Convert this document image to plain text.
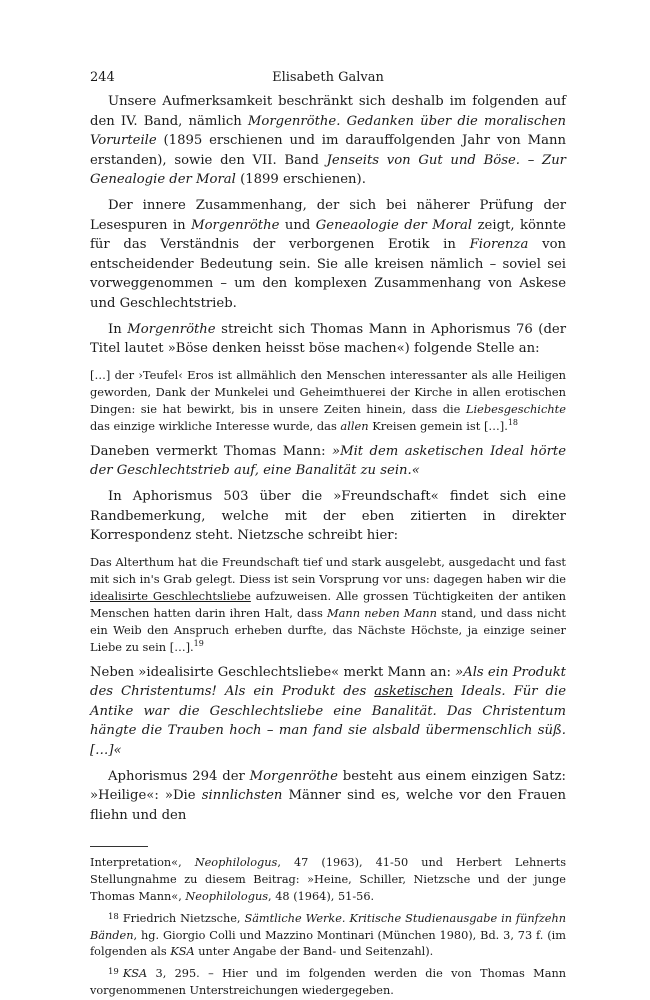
244	Elisabeth Galvan

Unsere Aufmerksamkeit beschränkt sich deshalb im folgenden auf den IV. Band, nämlich Morgenröthe. Gedanken über die moralischen Vorurteile (1895 erschienen und im darauffolgenden Jahr von Mann erstanden), sowie den VII. Band Jenseits von Gut und Böse. – Zur Genealogie der Moral (1899 erschienen).

Der innere Zusammenhang, der sich bei näherer Prüfung der Lesespuren in Morgenröthe und Geneaologie der Moral zeigt, könnte für das Verständnis der verborgenen Erotik in Fiorenza von entscheidender Bedeutung sein. Sie alle kreisen nämlich – soviel sei vorweggenommen – um den komplexen Zusammenhang von Askese und Geschlechtstrieb.

In Morgenröthe streicht sich Thomas Mann in Aphorismus 76 (der Titel lautet »Böse denken heisst böse machen«) folgende Stelle an:

[…] der ›Teufel‹ Eros ist allmählich den Menschen interessanter als alle Heiligen geworden, Dank der Munkelei und Geheimthuerei der Kirche in allen erotischen Dingen: sie hat bewirkt, bis in unsere Zeiten hinein, dass die Liebesgeschichte das einzige wirkliche Interesse wurde, das allen Kreisen gemein ist […].$^{18}$

Daneben vermerkt Thomas Mann: »Mit dem asketischen Ideal hörte der Geschlechtstrieb auf, eine Banalität zu sein.«

In Aphorismus 503 über die »Freundschaft« findet sich eine Randbemerkung, welche mit der eben zitierten in direkter Korrespondenz steht. Nietzsche schreibt hier:

Das Alterthum hat die Freundschaft tief und stark ausgelebt, ausgedacht und fast mit sich in's Grab gelegt. Diess ist sein Vorsprung vor uns: dagegen haben wir die idealisirte Geschlechtsliebe aufzuweisen. Alle grossen Tüchtigkeiten der antiken Menschen hatten darin ihren Halt, dass Mann neben Mann stand, und dass nicht ein Weib den Anspruch erheben durfte, das Nächste Höchste, ja einzige seiner Liebe zu sein […].$^{19}$

Neben »idealisirte Geschlechtsliebe« merkt Mann an: »Als ein Produkt des Christentums! Als ein Produkt des asketischen Ideals. Für die Antike war die Geschlechtsliebe eine Banalität. Das Christentum hängte die Trauben hoch – man fand sie alsbald übermenschlich süß. […]«

Aphorismus 294 der Morgenröthe besteht aus einem einzigen Satz: »Heilige«: »Die sinnlichsten Männer sind es, welche vor den Frauen fliehn und den

Interpretation«, Neophilologus, 47 (1963), 41-50 und Herbert Lehnerts Stellungnahme zu diesem Beitrag: »Heine, Schiller, Nietzsche und der junge Thomas Mann«, Neophilologus, 48 (1964), 51-56.

$^{18}$ Friedrich Nietzsche, Sämtliche Werke. Kritische Studienausgabe in fünfzehn Bänden, hg. Giorgio Colli und Mazzino Montinari (München 1980), Bd. 3, 73 f. (im folgenden als KSA unter Angabe der Band- und Seitenzahl).

$^{19}$ KSA 3, 295. – Hier und im folgenden werden die von Thomas Mann vorgenommenen Unterstreichungen wiedergegeben.
